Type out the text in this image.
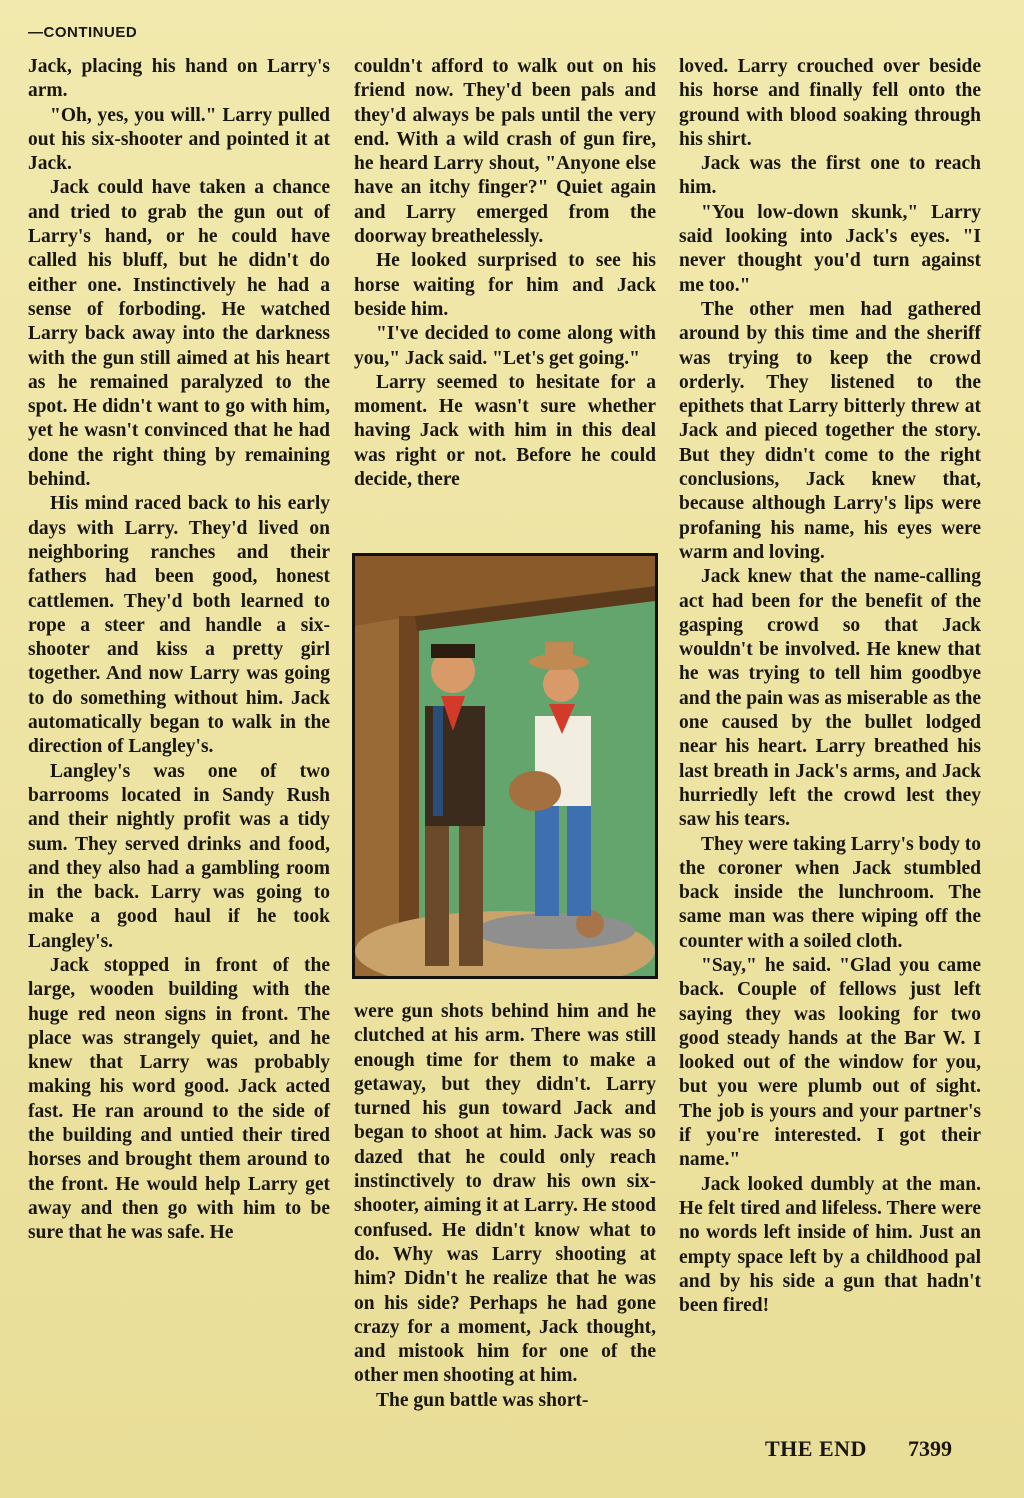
—CONTINUED

Jack, placing his hand on Larry's arm.

"Oh, yes, you will." Larry pulled out his six-shooter and pointed it at Jack.

Jack could have taken a chance and tried to grab the gun out of Larry's hand, or he could have called his bluff, but he didn't do either one. Instinctively he had a sense of forboding. He watched Larry back away into the darkness with the gun still aimed at his heart as he remained paralyzed to the spot. He didn't want to go with him, yet he wasn't convinced that he had done the right thing by remaining behind.

His mind raced back to his early days with Larry. They'd lived on neighboring ranches and their fathers had been good, honest cattlemen. They'd both learned to rope a steer and handle a six-shooter and kiss a pretty girl together. And now Larry was going to do something without him. Jack automatically began to walk in the direction of Langley's.

Langley's was one of two barrooms located in Sandy Rush and their nightly profit was a tidy sum. They served drinks and food, and they also had a gambling room in the back. Larry was going to make a good haul if he took Langley's.

Jack stopped in front of the large, wooden building with the huge red neon signs in front. The place was strangely quiet, and he knew that Larry was probably making his word good. Jack acted fast. He ran around to the side of the building and untied their tired horses and brought them around to the front. He would help Larry get away and then go with him to be sure that he was safe. He

couldn't afford to walk out on his friend now. They'd been pals and they'd always be pals until the very end. With a wild crash of gun fire, he heard Larry shout, "Anyone else have an itchy finger?" Quiet again and Larry emerged from the doorway breathelessly.

He looked surprised to see his horse waiting for him and Jack beside him.

"I've decided to come along with you," Jack said. "Let's get going."

Larry seemed to hesitate for a moment. He wasn't sure whether having Jack with him in this deal was right or not. Before he could decide, there

were gun shots behind him and he clutched at his arm. There was still enough time for them to make a getaway, but they didn't. Larry turned his gun toward Jack and began to shoot at him. Jack was so dazed that he could only reach instinctively to draw his own six-shooter, aiming it at Larry. He stood confused. He didn't know what to do. Why was Larry shooting at him? Didn't he realize that he was on his side? Perhaps he had gone crazy for a moment, Jack thought, and mistook him for one of the other men shooting at him.

The gun battle was short-

loved. Larry crouched over beside his horse and finally fell onto the ground with blood soaking through his shirt.

Jack was the first one to reach him.

"You low-down skunk," Larry said looking into Jack's eyes. "I never thought you'd turn against me too."

The other men had gathered around by this time and the sheriff was trying to keep the crowd orderly. They listened to the epithets that Larry bitterly threw at Jack and pieced together the story. But they didn't come to the right conclusions, Jack knew that, because although Larry's lips were profaning his name, his eyes were warm and loving.

Jack knew that the name-calling act had been for the benefit of the gasping crowd so that Jack wouldn't be involved. He knew that he was trying to tell him goodbye and the pain was as miserable as the one caused by the bullet lodged near his heart. Larry breathed his last breath in Jack's arms, and Jack hurriedly left the crowd lest they saw his tears.

They were taking Larry's body to the coroner when Jack stumbled back inside the lunchroom. The same man was there wiping off the counter with a soiled cloth.

"Say," he said. "Glad you came back. Couple of fellows just left saying they was looking for two good steady hands at the Bar W. I looked out of the window for you, but you were plumb out of sight. The job is yours and your partner's if you're interested. I got their name."

Jack looked dumbly at the man. He felt tired and lifeless. There were no words left inside of him. Just an empty space left by a childhood pal and by his side a gun that hadn't been fired!

THE END 7399
